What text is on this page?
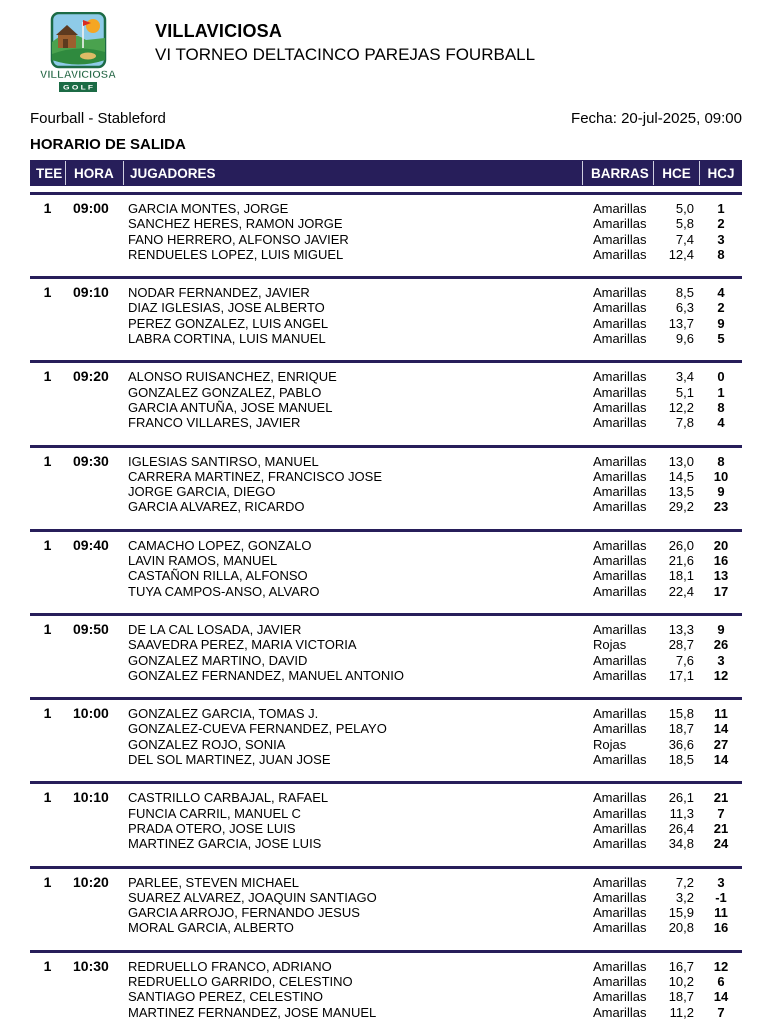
VILLAVICIOSA
G O L F
VILLAVICIOSA
VI TORNEO DELTACINCO PAREJAS FOURBALL
Fourball - Stableford	Fecha: 20-jul-2025, 09:00
HORARIO DE SALIDA
TEE HORA	JUGADORES	BARRAS HCE	HCJ
1	09:00	GARCIA MONTES, JORGE	Amarillas	5,0	1
SANCHEZ HERES, RAMON JORGE	Amarillas	5,8	2
FANO HERRERO, ALFONSO JAVIER	Amarillas	7,4	3
RENDUELES LOPEZ, LUIS MIGUEL	Amarillas	12,4	8
1	09:10	NODAR FERNANDEZ, JAVIER	Amarillas	8,5	4
DIAZ IGLESIAS, JOSE ALBERTO	Amarillas	6,3	2
PEREZ GONZALEZ, LUIS ANGEL	Amarillas	13,7	9
LABRA CORTINA, LUIS MANUEL	Amarillas	9,6	5
1	09:20	ALONSO RUISANCHEZ, ENRIQUE	Amarillas	3,4	0
GONZALEZ GONZALEZ, PABLO	Amarillas	5,1	1
GARCIA ANTUÑA, JOSE MANUEL	Amarillas	12,2	8
FRANCO VILLARES, JAVIER	Amarillas	7,8	4
1	09:30	IGLESIAS SANTIRSO, MANUEL	Amarillas	13,0	8
CARRERA MARTINEZ, FRANCISCO JOSE	Amarillas	14,5	10
JORGE GARCIA, DIEGO	Amarillas	13,5	9
GARCIA ALVAREZ, RICARDO	Amarillas	29,2	23
1	09:40	CAMACHO LOPEZ, GONZALO	Amarillas	26,0	20
LAVIN RAMOS, MANUEL	Amarillas	21,6	16
CASTAÑON RILLA, ALFONSO	Amarillas	18,1	13
TUYA CAMPOS-ANSO, ALVARO	Amarillas	22,4	17
1	09:50	DE LA CAL LOSADA, JAVIER	Amarillas	13,3	9
SAAVEDRA PEREZ, MARIA VICTORIA	Rojas	28,7	26
GONZALEZ MARTINO, DAVID	Amarillas	7,6	3
GONZALEZ FERNANDEZ, MANUEL ANTONIO	Amarillas	17,1	12
1	10:00	GONZALEZ GARCIA, TOMAS J.	Amarillas	15,8	11
GONZALEZ-CUEVA FERNANDEZ, PELAYO	Amarillas	18,7	14
GONZALEZ ROJO, SONIA	Rojas	36,6	27
DEL SOL MARTINEZ, JUAN JOSE	Amarillas	18,5	14
1	10:10	CASTRILLO CARBAJAL, RAFAEL	Amarillas	26,1	21
FUNCIA CARRIL, MANUEL C	Amarillas	11,3	7
PRADA OTERO, JOSE LUIS	Amarillas	26,4	21
MARTINEZ GARCIA, JOSE LUIS	Amarillas	34,8	24
1	10:20	PARLEE, STEVEN MICHAEL	Amarillas	7,2	3
SUAREZ ALVAREZ, JOAQUIN SANTIAGO	Amarillas	3,2	-1
GARCIA ARROJO, FERNANDO JESUS	Amarillas	15,9	11
MORAL GARCIA, ALBERTO	Amarillas	20,8	16
1	10:30	REDRUELLO FRANCO, ADRIANO	Amarillas	16,7	12
REDRUELLO GARRIDO, CELESTINO	Amarillas	10,2	6
SANTIAGO PEREZ, CELESTINO	Amarillas	18,7	14
MARTINEZ FERNANDEZ, JOSE MANUEL	Amarillas	11,2	7
